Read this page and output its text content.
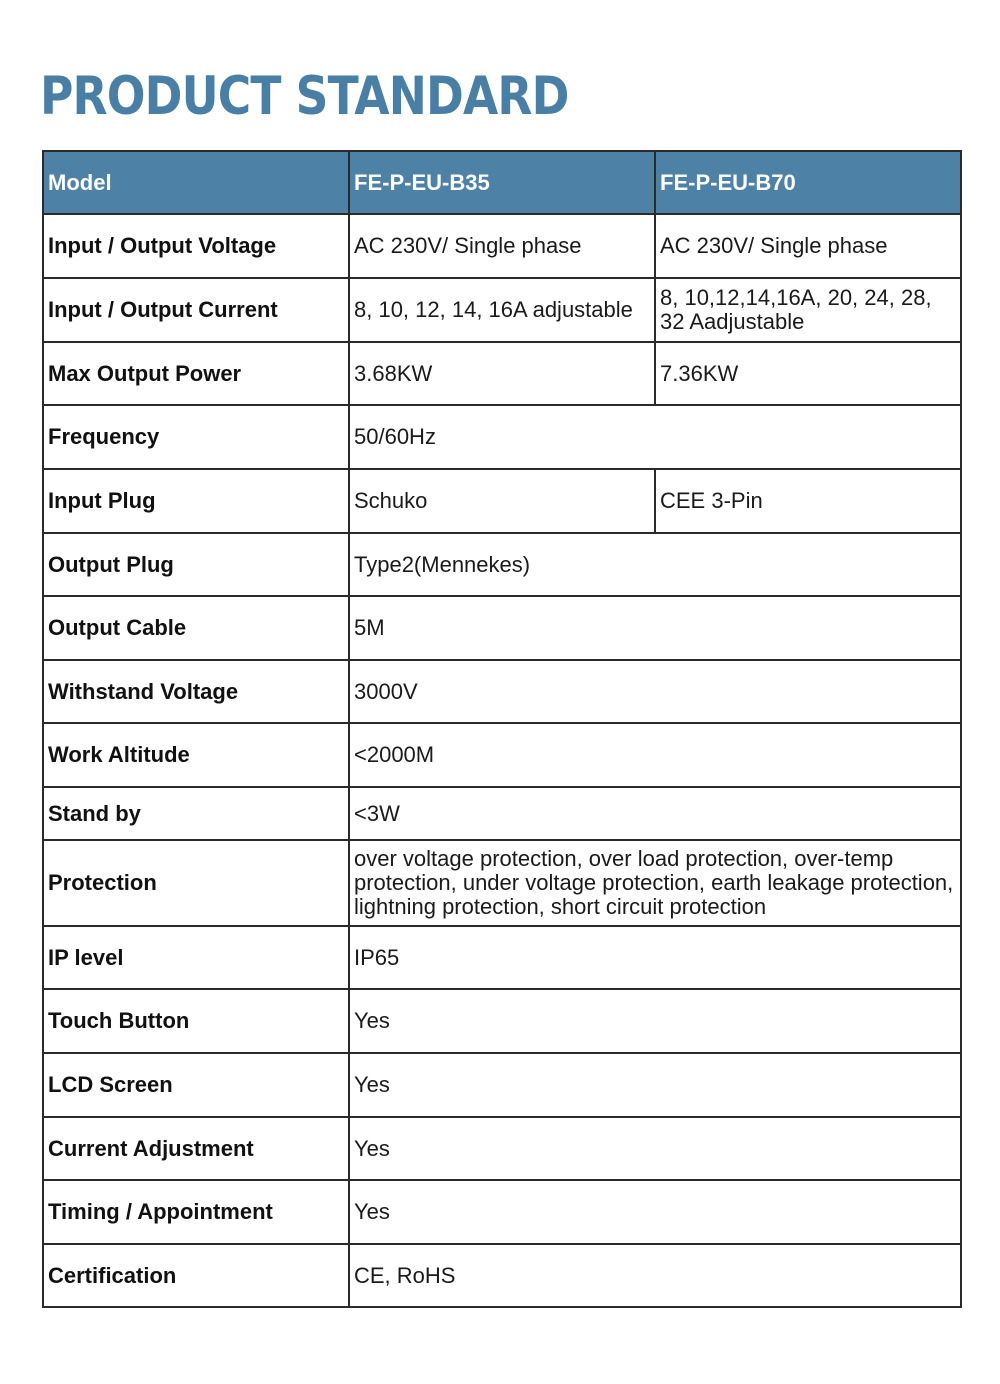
PRODUCT STANDARD
Model	FE-P-EU-B35	FE-P-EU-B70
Input / Output Voltage	AC 230V/ Single phase	AC 230V/ Single phase
Input / Output Current	8, 10, 12, 14, 16A adjustable	8, 10,12,14,16A, 20, 24, 28, 32 Aadjustable
Max Output Power	3.68KW	7.36KW
Frequency	50/60Hz	
Input Plug	Schuko	CEE 3-Pin
Output Plug	Type2(Mennekes)	
Output Cable	5M	
Withstand Voltage	3000V	
Work Altitude	<2000M	
Stand by	<3W	
Protection	over voltage protection, over load protection, over-temp protection, under voltage protection, earth leakage protection, lightning protection, short circuit protection	
IP level	IP65	
Touch Button	Yes	
LCD Screen	Yes	
Current Adjustment	Yes	
Timing / Appointment	Yes	
Certification	CE, RoHS	
